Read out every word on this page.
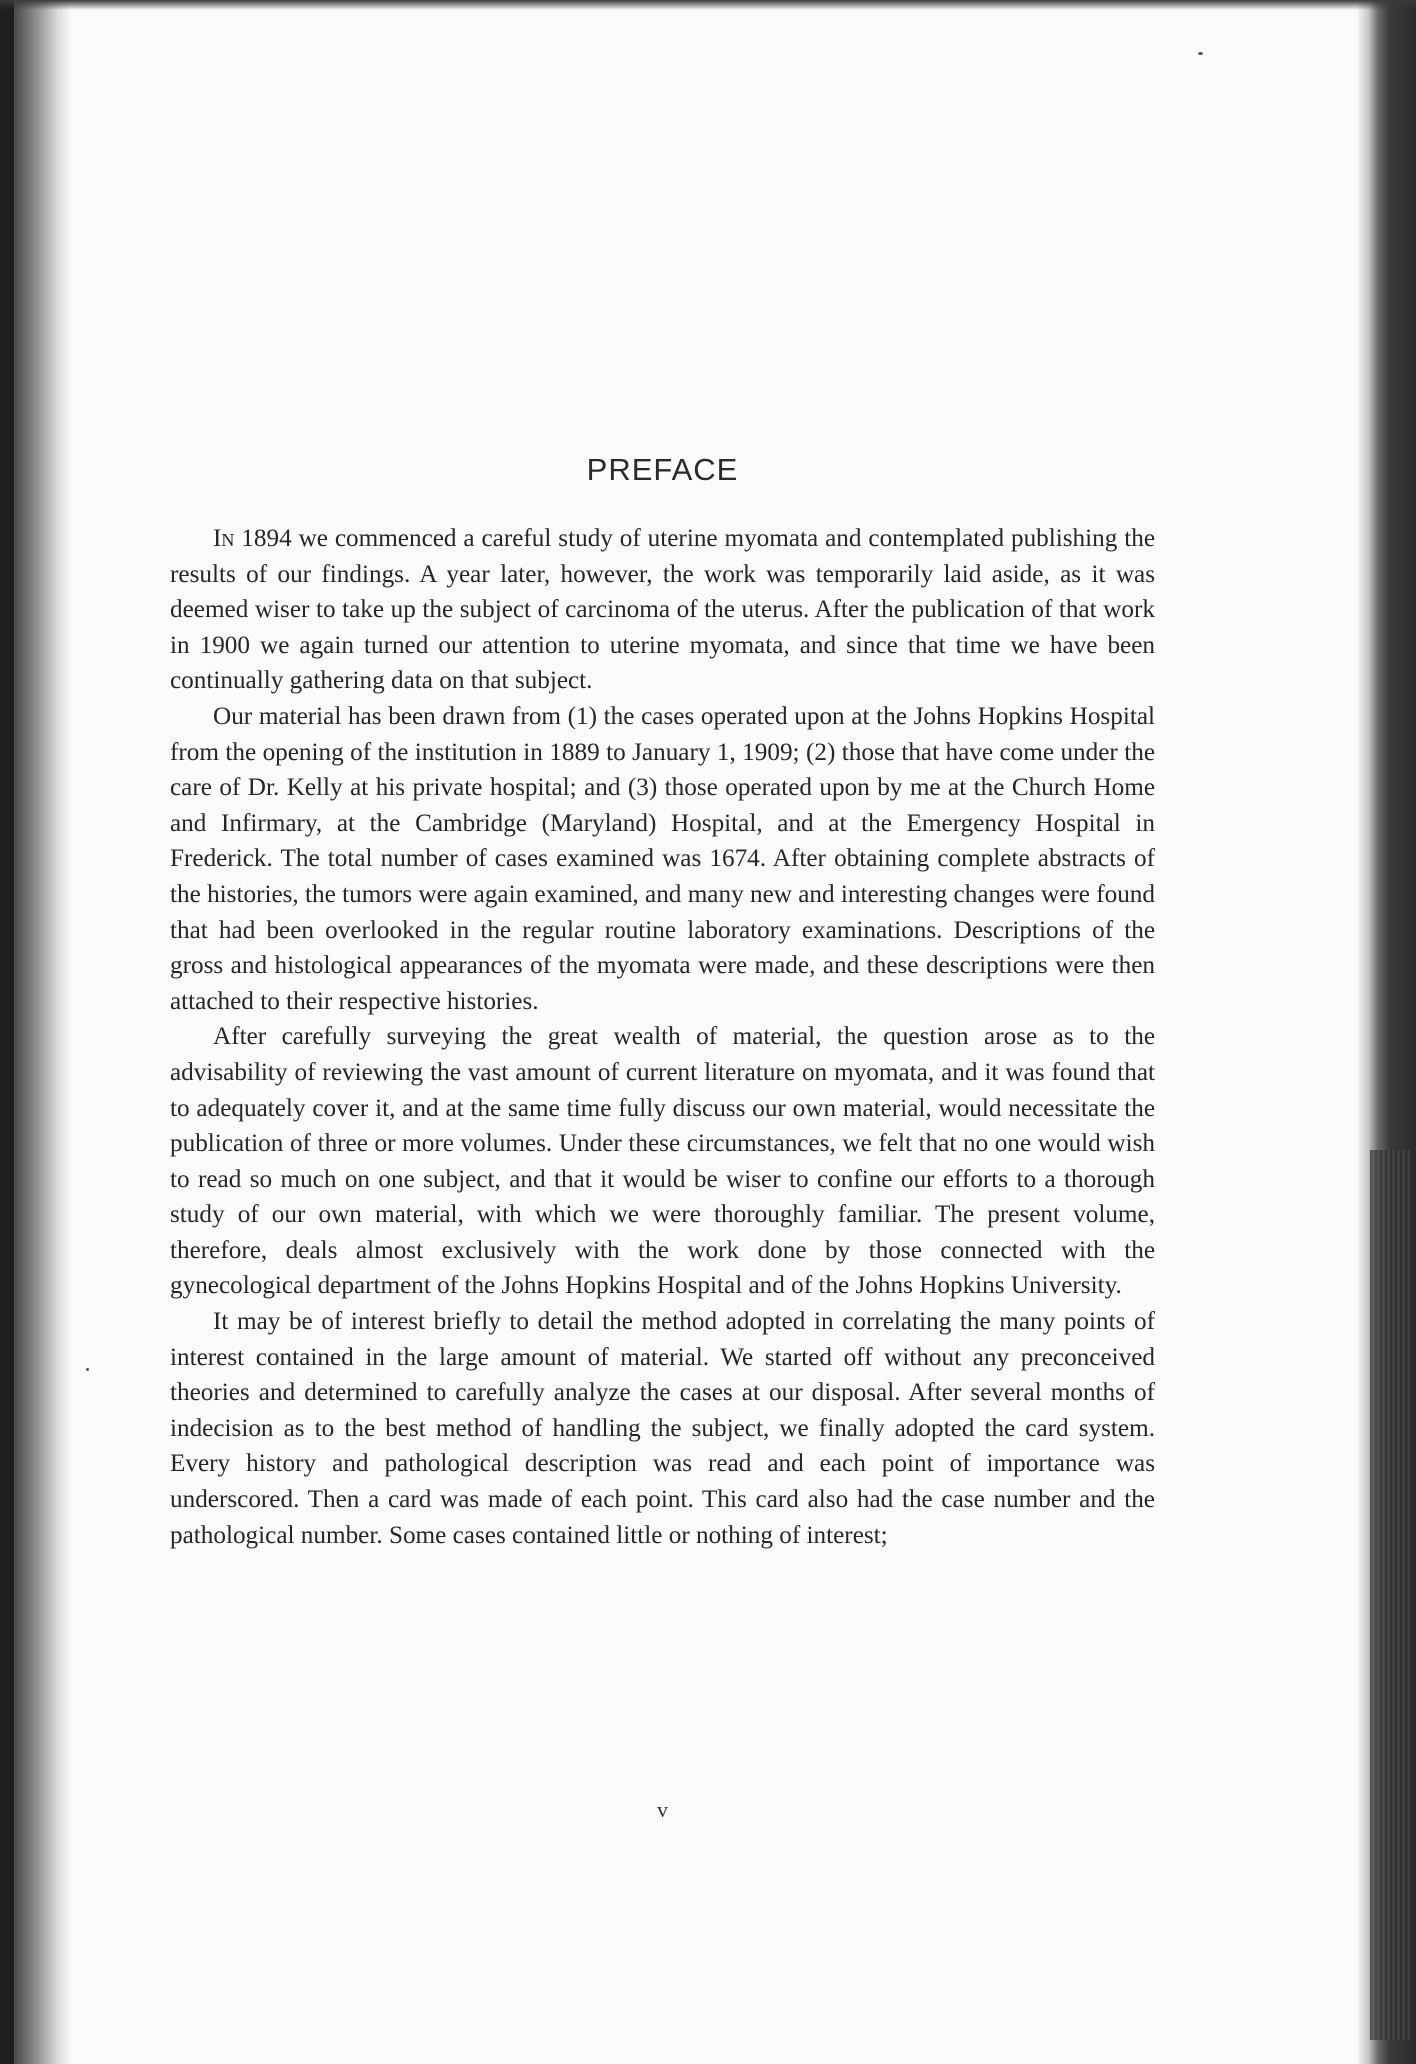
PREFACE

In 1894 we commenced a careful study of uterine myomata and contemplated publishing the results of our findings. A year later, however, the work was temporarily laid aside, as it was deemed wiser to take up the subject of carcinoma of the uterus. After the publication of that work in 1900 we again turned our attention to uterine myomata, and since that time we have been continually gathering data on that subject.

Our material has been drawn from (1) the cases operated upon at the Johns Hopkins Hospital from the opening of the institution in 1889 to January 1, 1909; (2) those that have come under the care of Dr. Kelly at his private hospital; and (3) those operated upon by me at the Church Home and Infirmary, at the Cambridge (Maryland) Hospital, and at the Emergency Hospital in Frederick. The total number of cases examined was 1674. After obtaining complete abstracts of the histories, the tumors were again examined, and many new and interesting changes were found that had been overlooked in the regular routine laboratory examinations. Descriptions of the gross and histological appearances of the myomata were made, and these descriptions were then attached to their respective histories.

After carefully surveying the great wealth of material, the question arose as to the advisability of reviewing the vast amount of current literature on myomata, and it was found that to adequately cover it, and at the same time fully discuss our own material, would necessitate the publication of three or more volumes. Under these circumstances, we felt that no one would wish to read so much on one subject, and that it would be wiser to confine our efforts to a thorough study of our own material, with which we were thoroughly familiar. The present volume, therefore, deals almost exclusively with the work done by those connected with the gynecological department of the Johns Hopkins Hospital and of the Johns Hopkins University.

It may be of interest briefly to detail the method adopted in correlating the many points of interest contained in the large amount of material. We started off without any preconceived theories and determined to carefully analyze the cases at our disposal. After several months of indecision as to the best method of handling the subject, we finally adopted the card system. Every history and pathological description was read and each point of importance was underscored. Then a card was made of each point. This card also had the case number and the pathological number. Some cases contained little or nothing of interest;

v
